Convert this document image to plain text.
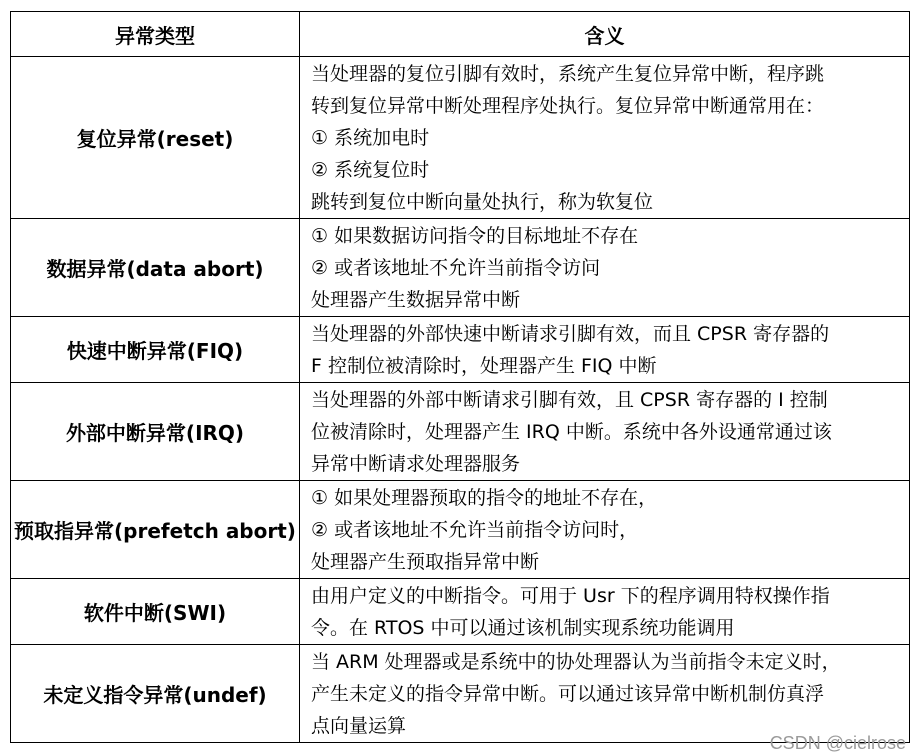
异常类型	含义
复位异常(reset)	当处理器的复位引脚有效时，系统产生复位异常中断，程序跳
转到复位异常中断处理程序处执行。复位异常中断通常用在：
① 系统加电时
② 系统复位时
跳转到复位中断向量处执行，称为软复位

数据异常(data abort)	① 如果数据访问指令的目标地址不存在
② 或者该地址不允许当前指令访问
处理器产生数据异常中断

快速中断异常(FIQ)	当处理器的外部快速中断请求引脚有效，而且 CPSR 寄存器的
F 控制位被清除时，处理器产生 FIQ 中断

外部中断异常(IRQ)	当处理器的外部中断请求引脚有效，且 CPSR 寄存器的 I 控制
位被清除时，处理器产生 IRQ 中断。系统中各外设通常通过该
异常中断请求处理器服务

预取指异常(prefetch abort)	① 如果处理器预取的指令的地址不存在，
② 或者该地址不允许当前指令访问时，
处理器产生预取指异常中断

软件中断(SWI)	由用户定义的中断指令。可用于 Usr 下的程序调用特权操作指
令。在 RTOS 中可以通过该机制实现系统功能调用

未定义指令异常(undef)	当 ARM 处理器或是系统中的协处理器认为当前指令未定义时，
产生未定义的指令异常中断。可以通过该异常中断机制仿真浮
点向量运算
CSDN @cielrose
